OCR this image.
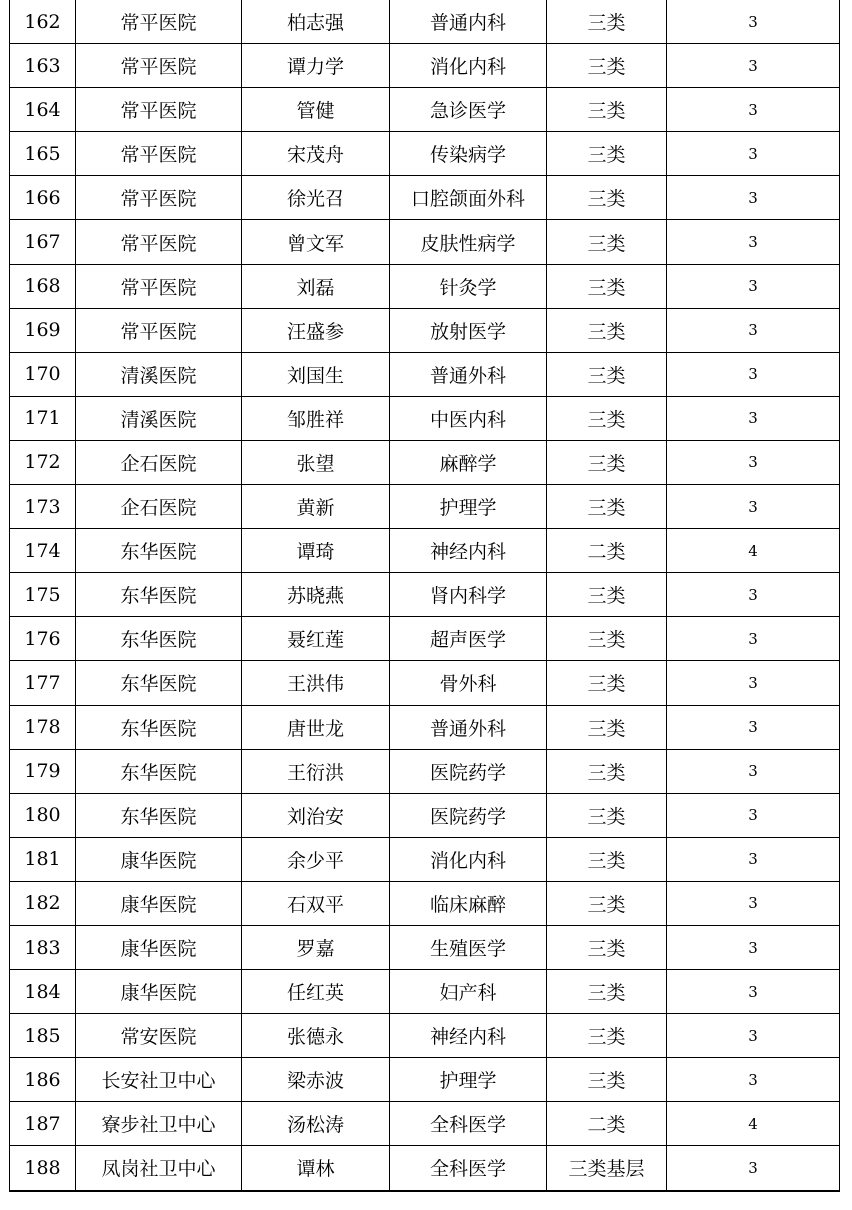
162	常平医院	柏志强	普通内科	三类	3
163	常平医院	谭力学	消化内科	三类	3
164	常平医院	管健	急诊医学	三类	3
165	常平医院	宋茂舟	传染病学	三类	3
166	常平医院	徐光召	口腔颌面外科	三类	3
167	常平医院	曾文军	皮肤性病学	三类	3
168	常平医院	刘磊	针灸学	三类	3
169	常平医院	汪盛参	放射医学	三类	3
170	清溪医院	刘国生	普通外科	三类	3
171	清溪医院	邹胜祥	中医内科	三类	3
172	企石医院	张望	麻醉学	三类	3
173	企石医院	黄新	护理学	三类	3
174	东华医院	谭琦	神经内科	二类	4
175	东华医院	苏晓燕	肾内科学	三类	3
176	东华医院	聂红莲	超声医学	三类	3
177	东华医院	王洪伟	骨外科	三类	3
178	东华医院	唐世龙	普通外科	三类	3
179	东华医院	王衍洪	医院药学	三类	3
180	东华医院	刘治安	医院药学	三类	3
181	康华医院	余少平	消化内科	三类	3
182	康华医院	石双平	临床麻醉	三类	3
183	康华医院	罗嘉	生殖医学	三类	3
184	康华医院	任红英	妇产科	三类	3
185	常安医院	张德永	神经内科	三类	3
186	长安社卫中心	梁赤波	护理学	三类	3
187	寮步社卫中心	汤松涛	全科医学	二类	4
188	凤岗社卫中心	谭林	全科医学	三类基层	3
